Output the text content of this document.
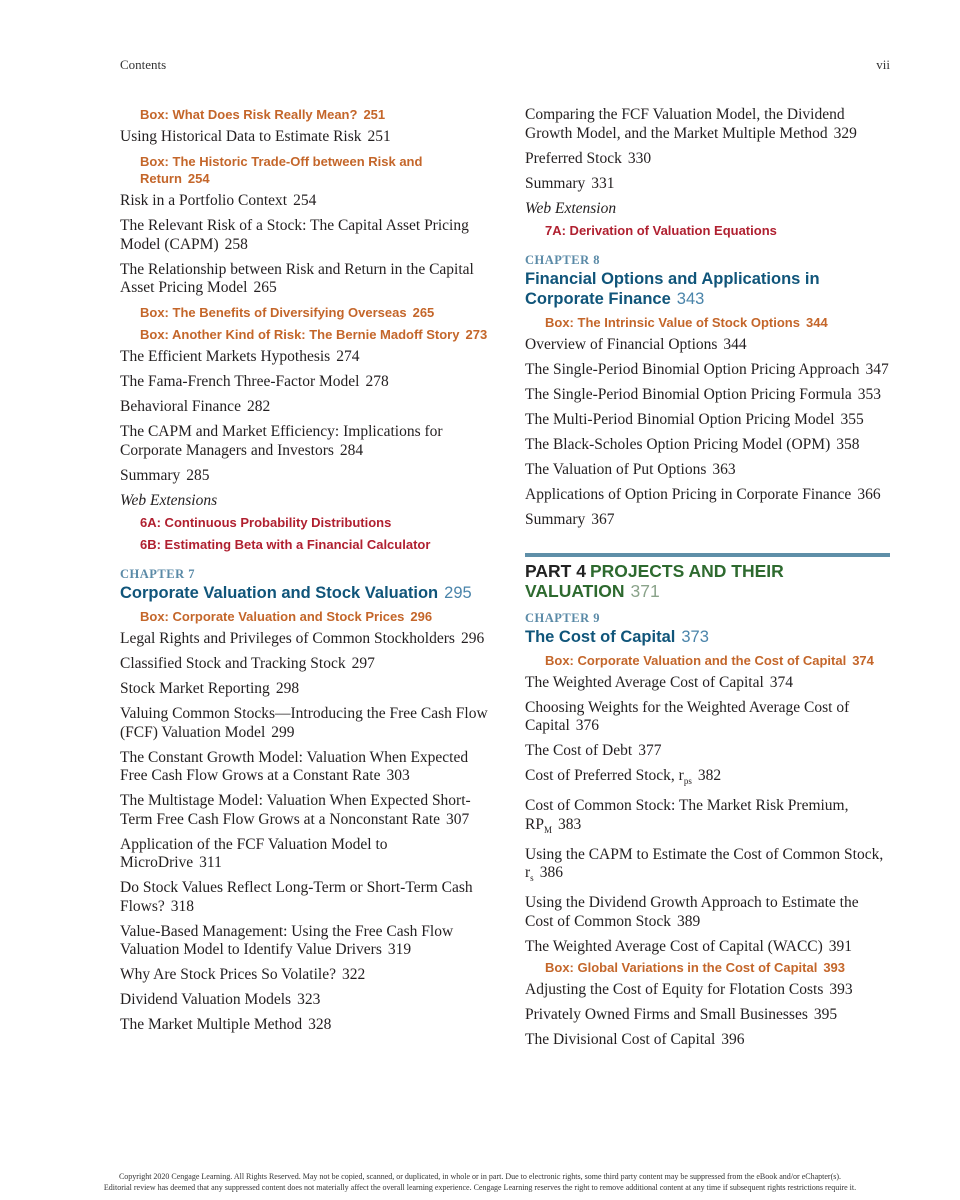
Contents	vii
Box: What Does Risk Really Mean? 251
Using Historical Data to Estimate Risk 251
Box: The Historic Trade-Off between Risk and Return 254
Risk in a Portfolio Context 254
The Relevant Risk of a Stock: The Capital Asset Pricing Model (CAPM) 258
The Relationship between Risk and Return in the Capital Asset Pricing Model 265
Box: The Benefits of Diversifying Overseas 265
Box: Another Kind of Risk: The Bernie Madoff Story 273
The Efficient Markets Hypothesis 274
The Fama-French Three-Factor Model 278
Behavioral Finance 282
The CAPM and Market Efficiency: Implications for Corporate Managers and Investors 284
Summary 285
Web Extensions
6A: Continuous Probability Distributions
6B: Estimating Beta with a Financial Calculator
CHAPTER 7
Corporate Valuation and Stock Valuation 295
Box: Corporate Valuation and Stock Prices 296
Legal Rights and Privileges of Common Stockholders 296
Classified Stock and Tracking Stock 297
Stock Market Reporting 298
Valuing Common Stocks—Introducing the Free Cash Flow (FCF) Valuation Model 299
The Constant Growth Model: Valuation When Expected Free Cash Flow Grows at a Constant Rate 303
The Multistage Model: Valuation When Expected Short-Term Free Cash Flow Grows at a Nonconstant Rate 307
Application of the FCF Valuation Model to MicroDrive 311
Do Stock Values Reflect Long-Term or Short-Term Cash Flows? 318
Value-Based Management: Using the Free Cash Flow Valuation Model to Identify Value Drivers 319
Why Are Stock Prices So Volatile? 322
Dividend Valuation Models 323
The Market Multiple Method 328
Comparing the FCF Valuation Model, the Dividend Growth Model, and the Market Multiple Method 329
Preferred Stock 330
Summary 331
Web Extension
7A: Derivation of Valuation Equations
CHAPTER 8
Financial Options and Applications in Corporate Finance 343
Box: The Intrinsic Value of Stock Options 344
Overview of Financial Options 344
The Single-Period Binomial Option Pricing Approach 347
The Single-Period Binomial Option Pricing Formula 353
The Multi-Period Binomial Option Pricing Model 355
The Black-Scholes Option Pricing Model (OPM) 358
The Valuation of Put Options 363
Applications of Option Pricing in Corporate Finance 366
Summary 367
PART 4 PROJECTS AND THEIR VALUATION 371
CHAPTER 9
The Cost of Capital 373
Box: Corporate Valuation and the Cost of Capital 374
The Weighted Average Cost of Capital 374
Choosing Weights for the Weighted Average Cost of Capital 376
The Cost of Debt 377
Cost of Preferred Stock, $r_{ps}$ 382
Cost of Common Stock: The Market Risk Premium, $RP_M$ 383
Using the CAPM to Estimate the Cost of Common Stock, $r_s$ 386
Using the Dividend Growth Approach to Estimate the Cost of Common Stock 389
The Weighted Average Cost of Capital (WACC) 391
Box: Global Variations in the Cost of Capital 393
Adjusting the Cost of Equity for Flotation Costs 393
Privately Owned Firms and Small Businesses 395
The Divisional Cost of Capital 396
Copyright 2020 Cengage Learning. All Rights Reserved. May not be copied, scanned, or duplicated, in whole or in part. Due to electronic rights, some third party content may be suppressed from the eBook and/or eChapter(s).
Editorial review has deemed that any suppressed content does not materially affect the overall learning experience. Cengage Learning reserves the right to remove additional content at any time if subsequent rights restrictions require it.
